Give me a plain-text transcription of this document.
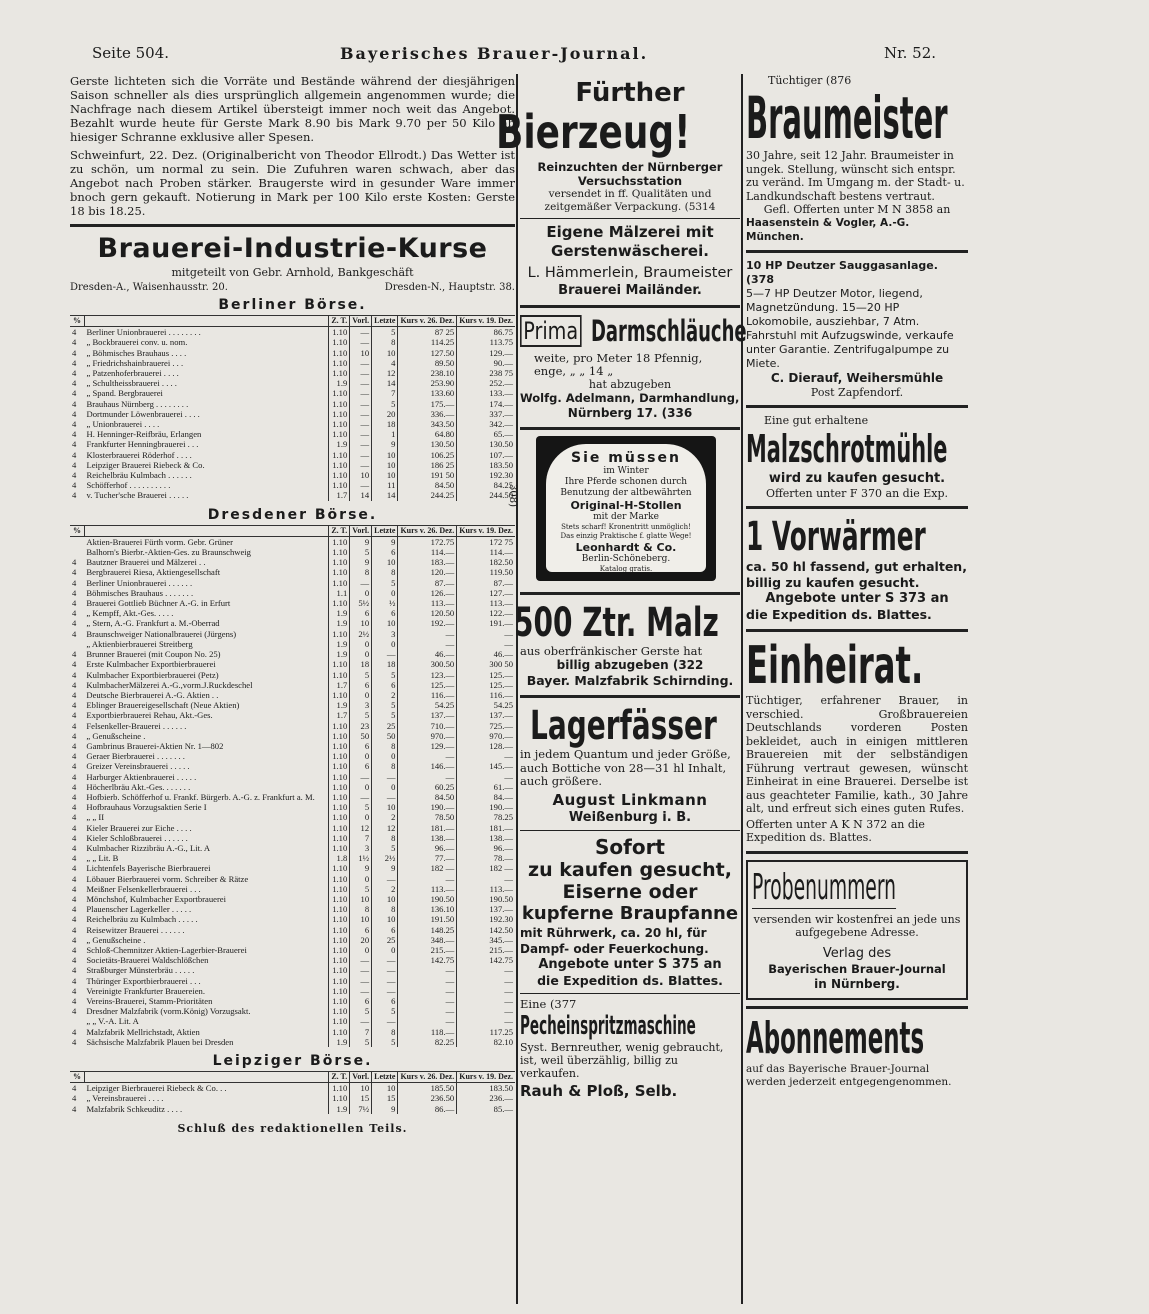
Seite 504.	Bayerisches Brauer-Journal.	Nr. 52.

Gerste lichteten sich die Vorräte und Bestände während der diesjährigen Saison schneller als dies ursprünglich allgemein angenommen wurde; die Nachfrage nach diesem Artikel übersteigt immer noch weit das Angebot. Bezahlt wurde heute für Gerste Mark 8.90 bis Mark 9.70 per 50 Kilo ab hiesiger Schranne exklusive aller Spesen.

Schweinfurt, 22. Dez. (Originalbericht von Theodor Ellrodt.) Das Wetter ist zu schön, um normal zu sein. Die Zufuhren waren schwach, aber das Angebot nach Proben stärker. Braugerste wird in gesunder Ware immer bnoch gern gekauft. Notierung in Mark per 100 Kilo erste Kosten: Gerste 18 bis 18.25.

Brauerei-Industrie-Kurse
mitgeteilt von Gebr. Arnhold, Bankgeschäft
Dresden-A., Waisenhausstr. 20.	Dresden-N., Hauptstr. 38.
Berliner Börse.
%		Z. T.	Vorl.	Letzte	Kurs v. 26. Dez.	Kurs v. 19. Dez.
4	Berliner Unionbrauerei . . . . . . . .	1.10	—	5	87 25	86.75
4	„ Bockbrauerei conv. u. nom.	1.10	—	8	114.25	113.75
4	„ Böhmisches Brauhaus . . . .	1.10	10	10	127.50	129.—
4	„ Friedrichshainbrauerei . . .	1.10	—	4	89.50	90.—
4	„ Patzenhoferbrauerei . . . .	1.10	—	12	238.10	238 75
4	„ Schultheissbrauerei . . . .	1.9	—	14	253.90	252.—
4	„ Spand. Bergbrauerei	1.10	—	7	133.60	133.—
4	Brauhaus Nürnberg . . . . . . . .	1.10	—	5	175.—	174.—
4	Dortmunder Löwenbrauerei . . . .	1.10	—	20	336.—	337.—
4	„ Unionbrauerei . . . .	1.10	—	18	343.50	342.—
4	H. Henninger-Reifbräu, Erlangen	1.10	—	1	64.80	65.—
4	Frankfurter Henningbrauerei . . .	1.9	—	9	130.50	130.50
4	Klosterbrauerei Röderhof . . . .	1.10	—	10	106.25	107.—
4	Leipziger Brauerei Riebeck & Co.	1.10	—	10	186 25	183.50
4	Reichelbräu Kulmbach . . . . . .	1.10	10	10	191 50	192.30
4	Schöfferhof . . . . . . . . . .	1.10	—	11	84.50	84.25
4	v. Tucher'sche Brauerei . . . . .	1.7	14	14	244.25	244.50
Dresdener Börse.
%		Z. T.	Vorl.	Letzte	Kurs v. 26. Dez.	Kurs v. 19. Dez.
	Aktien-Brauerei Fürth vorm. Gebr. Grüner	1.10	9	9	172.75	172 75
	Balhorn's Bierbr.-Aktien-Ges. zu Braunschweig	1.10	5	6	114.—	114.—
4	Bautzner Brauerei und Mälzerei . .	1.10	9	10	183.—	182.50
4	Bergbrauerei Riesa, Aktiengesellschaft	1.10	8	8	120.—	119.50
4	Berliner Unionbrauerei . . . . . .	1.10	—	5	87.—	87.—
4	Böhmisches Brauhaus . . . . . . .	1.1	0	0	126.—	127.—
4	Brauerei Gottlieb Büchner A.-G. in Erfurt	1.10	5½	½	113.—	113.—
4	„ Kempff, Akt.-Ges. . . . .	1.9	6	6	120.50	122.—
4	„ Stern, A.-G. Frankfurt a. M.-Oberrad	1.9	10	10	192.—	191.—
4	Braunschweiger Nationalbrauerei (Jürgens)	1.10	2½	3	—	—
	„ Aktienbierbrauerei Streitberg	1.9	0	0	—	—
4	Brunner Brauerei (mit Coupon No. 25)	1.9	0	—	46.—	46.—
4	Erste Kulmbacher Exportbierbrauerei	1.10	18	18	300.50	300 50
4	Kulmbacher Exportbierbrauerei (Petz)	1.10	5	5	123.—	125.—
4	KulmbacherMälzerei A.-G.,vorm.J.Ruckdeschel	1.7	6	6	125.—	125.—
4	Deutsche Bierbrauerei A.-G. Aktien . .	1.10	0	2	116.—	116.—
4	Eblinger Brauereigesellschaft (Neue Aktien)	1.9	3	5	54.25	54.25
4	Exportbierbrauerei Rehau, Akt.-Ges.	1.7	5	5	137.—	137.—
4	Felsenkeller-Brauerei . . . . . .	1.10	23	25	710.—	725.—
4	„ Genußscheine .	1.10	50	50	970.—	970.—
4	Gambrinus Brauerei-Aktien Nr. 1—802	1.10	6	8	129.—	128.—
4	Geraer Bierbrauerei . . . . . . .	1.10	0	0	—	—
4	Greizer Vereinsbrauerei . . . . .	1.10	6	8	146.—	145.—
4	Harburger Aktienbrauerei . . . . .	1.10	—	—	—	—
4	Höcherlbräu Akt.-Ges. . . . . . .	1.10	0	0	60.25	61.—
4	Hofbierb. Schöfferhof u. Frankf. Bürgerb. A.-G. z. Frankfurt a. M.	1.10	—	—	84.50	84.—
4	Hofbrauhaus Vorzugsaktien Serie I	1.10	5	10	190.—	190.—
4	„ „ II	1.10	0	2	78.50	78.25
4	Kieler Brauerei zur Eiche . . . .	1.10	12	12	181.—	181.—
4	Kieler Schloßbrauerei . . . . . .	1.10	7	8	138.—	138.—
4	Kulmbacher Rizzibräu A.-G., Lit. A	1.10	3	5	96.—	96.—
4	„ „ Lit. B	1.8	1½	2½	77.—	78.—
4	Lichtenfels Bayerische Bierbrauerei	1.10	9	9	182 —	182 —
4	Löbauer Bierbrauerei vorm. Schreiber & Rätze	1.10	0	—	—	—
4	Meißner Felsenkellerbrauerei . . .	1.10	5	2	113.—	113.—
4	Mönchshof, Kulmbacher Exportbrauerei	1.10	10	10	190.50	190.50
4	Plauenscher Lagerkeller . . . . .	1.10	8	8	136.10	137.—
4	Reichelbräu zu Kulmbach . . . . .	1.10	10	10	191.50	192.30
4	Reisewitzer Brauerei . . . . . .	1.10	6	6	148.25	142.50
4	„ Genußscheine .	1.10	20	25	348.—	345.—
4	Schloß-Chemnitzer Aktien-Lagerbier-Brauerei	1.10	0	0	215.—	215.—
4	Societäts-Brauerei Waldschlößchen	1.10	—	—	142.75	142.75
4	Straßburger Münsterbräu . . . . .	1.10	—	—	—	—
4	Thüringer Exportbierbrauerei . . .	1.10	—	—	—	—
4	Vereinigte Frankfurter Brauereien.	1.10	—	—	—	—
4	Vereins-Brauerei, Stamm-Prioritäten	1.10	6	6	—	—
4	Dresdner Malzfabrik (vorm.König) Vorzugsakt.	1.10	5	5	—	—
	„ „ V.-A. Lit. A	1.10	—	—	—	—
4	Malzfabrik Mellrichstadt, Aktien	1.10	7	8	118.—	117.25
4	Sächsische Malzfabrik Plauen bei Dresden	1.9	5	5	82.25	82.10
Leipziger Börse.
%		Z. T.	Vorl.	Letzte	Kurs v. 26. Dez.	Kurs v. 19. Dez.
4	Leipziger Bierbrauerei Riebeck & Co. . .	1.10	10	10	185.50	183.50
4	„ Vereinsbrauerei . . . .	1.10	15	15	236.50	236.—
4	Malzfabrik Schkeuditz . . . .	1.9	7½	9	86.—	85.—
Schluß des redaktionellen Teils.
Fürther
Bierzeug!
Reinzuchten der Nürnberger Versuchsstation
versendet in ff. Qualitäten und zeitgemäßer Verpackung. (5314
Eigene Mälzerei mit
Gerstenwäscherei.
L. Hämmerlein, Braumeister
Brauerei Mailänder.
Prima Darmschläuche
weite, pro Meter 18 Pfennig,
enge, „ „ 14 „
hat abzugeben
Wolfg. Adelmann, Darmhandlung,
Nürnberg 17. (336
308)
Sie müssen
im Winter
Ihre Pferde schonen durch
Benutzung der altbewährten
Original-H-Stollen
mit der Marke
Stets scharf! Kronentritt unmöglich!
Das einzig Praktische f. glatte Wege!
Leonhardt & Co.
Berlin-Schöneberg.
Katalog gratis.
500 Ztr. Malz
aus oberfränkischer Gerste hat
billig abzugeben (322
Bayer. Malzfabrik Schirnding.
Lagerfässer
in jedem Quantum und jeder Größe, auch Bottiche von 28—31 hl Inhalt, auch größere.
August Linkmann
Weißenburg i. B.
Sofort
zu kaufen gesucht,
Eiserne oder
kupferne Braupfanne
mit Rührwerk, ca. 20 hl, für
Dampf- oder Feuerkochung.
Angebote unter S 375 an
die Expedition ds. Blattes.
Eine (377
Pecheinspritzmaschine
Syst. Bernreuther, wenig gebraucht, ist, weil überzählig, billig zu verkaufen.
Rauh & Ploß, Selb.
Tüchtiger (876
Braumeister
30 Jahre, seit 12 Jahr. Braumeister in ungek. Stellung, wünscht sich entspr. zu veränd. Im Umgang m. der Stadt- u. Landkundschaft bestens vertraut.
Gefl. Offerten unter M N 3858 an
Haasenstein & Vogler, A.-G. München.
10 HP Deutzer Sauggasanlage. (378
5—7 HP Deutzer Motor, liegend, Magnetzündung. 15—20 HP Lokomobile, ausziehbar, 7 Atm. Fahrstuhl mit Aufzugswinde, verkaufe unter Garantie. Zentrifugalpumpe zu Miete.
C. Dierauf, Weihersmühle
Post Zapfendorf.
Eine gut erhaltene
Malzschrotmühle
wird zu kaufen gesucht.
Offerten unter F 370 an die Exp.
1 Vorwärmer
ca. 50 hl fassend, gut erhalten, billig zu kaufen gesucht.
Angebote unter S 373 an
die Expedition ds. Blattes.
Einheirat.
Tüchtiger, erfahrener Brauer, in verschied. Großbrauereien Deutschlands vorderen Posten bekleidet, auch in einigen mittleren Brauereien mit der selbständigen Führung vertraut gewesen, wünscht Einheirat in eine Brauerei. Derselbe ist aus geachteter Familie, kath., 30 Jahre alt, und erfreut sich eines guten Rufes.
Offerten unter A K N 372 an die Expedition ds. Blattes.
Probenummern
versenden wir kostenfrei an jede uns aufgegebene Adresse.
Verlag des
Bayerischen Brauer-Journal
in Nürnberg.
Abonnements
auf das Bayerische Brauer-Journal
werden jederzeit entgegengenommen.
